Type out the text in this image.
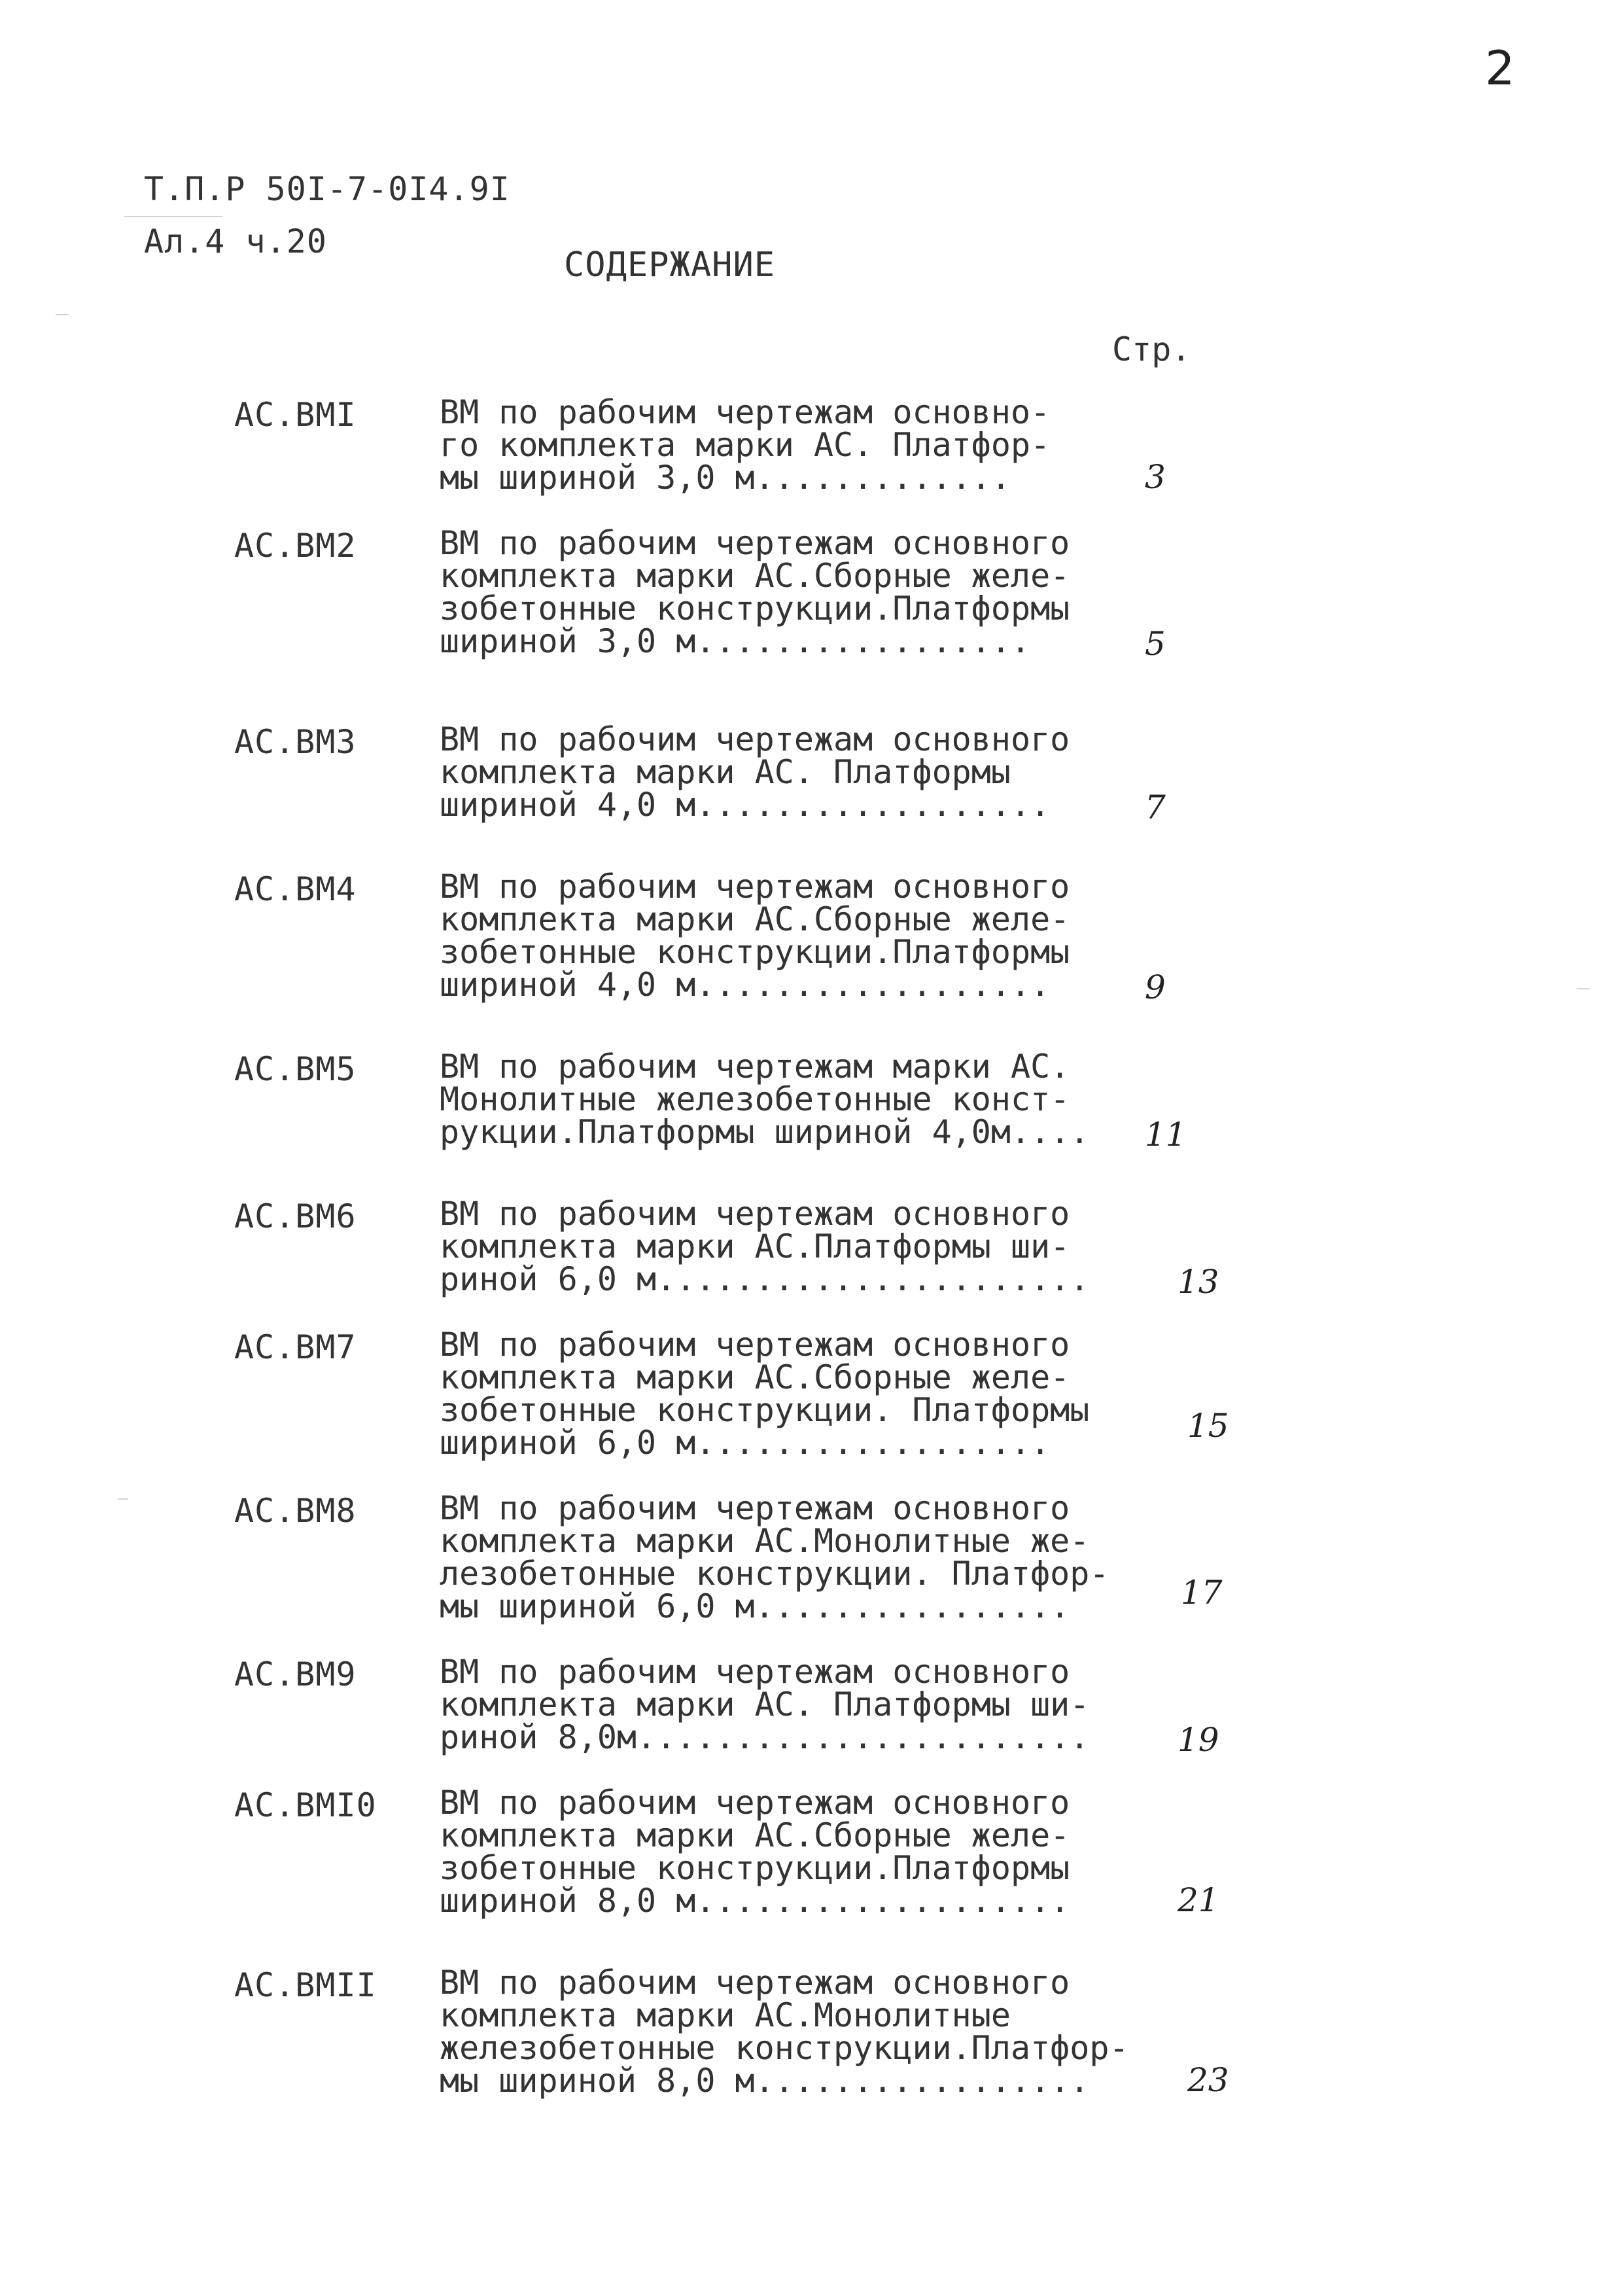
2
Т.П.Р 50I-7-0I4.9I
Ал.4 ч.20
СОДЕРЖАНИЕ
Стр.
АС.ВМI	ВМ по рабочим чертежам основно-
го комплекта марки АС. Платфор-
мы шириной 3,0 м.............	3
АС.ВМ2	ВМ по рабочим чертежам основного
комплекта марки АС.Сборные желе-
зобетонные конструкции.Платформы
шириной 3,0 м.................	5
АС.ВМ3	ВМ по рабочим чертежам основного
комплекта марки АС. Платформы
шириной 4,0 м..................	7
АС.ВМ4	ВМ по рабочим чертежам основного
комплекта марки АС.Сборные желе-
зобетонные конструкции.Платформы
шириной 4,0 м..................	9
АС.ВМ5	ВМ по рабочим чертежам марки АС.
Монолитные железобетонные конст-
рукции.Платформы шириной 4,0м....	11
АС.ВМ6	ВМ по рабочим чертежам основного
комплекта марки АС.Платформы ши-
риной 6,0 м......................	13
АС.ВМ7	ВМ по рабочим чертежам основного
комплекта марки АС.Сборные желе-
зобетонные конструкции. Платформы
шириной 6,0 м..................	15
АС.ВМ8	ВМ по рабочим чертежам основного
комплекта марки АС.Монолитные же-
лезобетонные конструкции. Платфор-
мы шириной 6,0 м................	17
АС.ВМ9	ВМ по рабочим чертежам основного
комплекта марки АС. Платформы ши-
риной 8,0м.......................	19
АС.ВМI0 ВМ по рабочим чертежам основного
комплекта марки АС.Сборные желе-
зобетонные конструкции.Платформы
шириной 8,0 м...................	21
АС.ВМII ВМ по рабочим чертежам основного
комплекта марки АС.Монолитные
железобетонные конструкции.Платфор-
мы шириной 8,0 м.................	23
